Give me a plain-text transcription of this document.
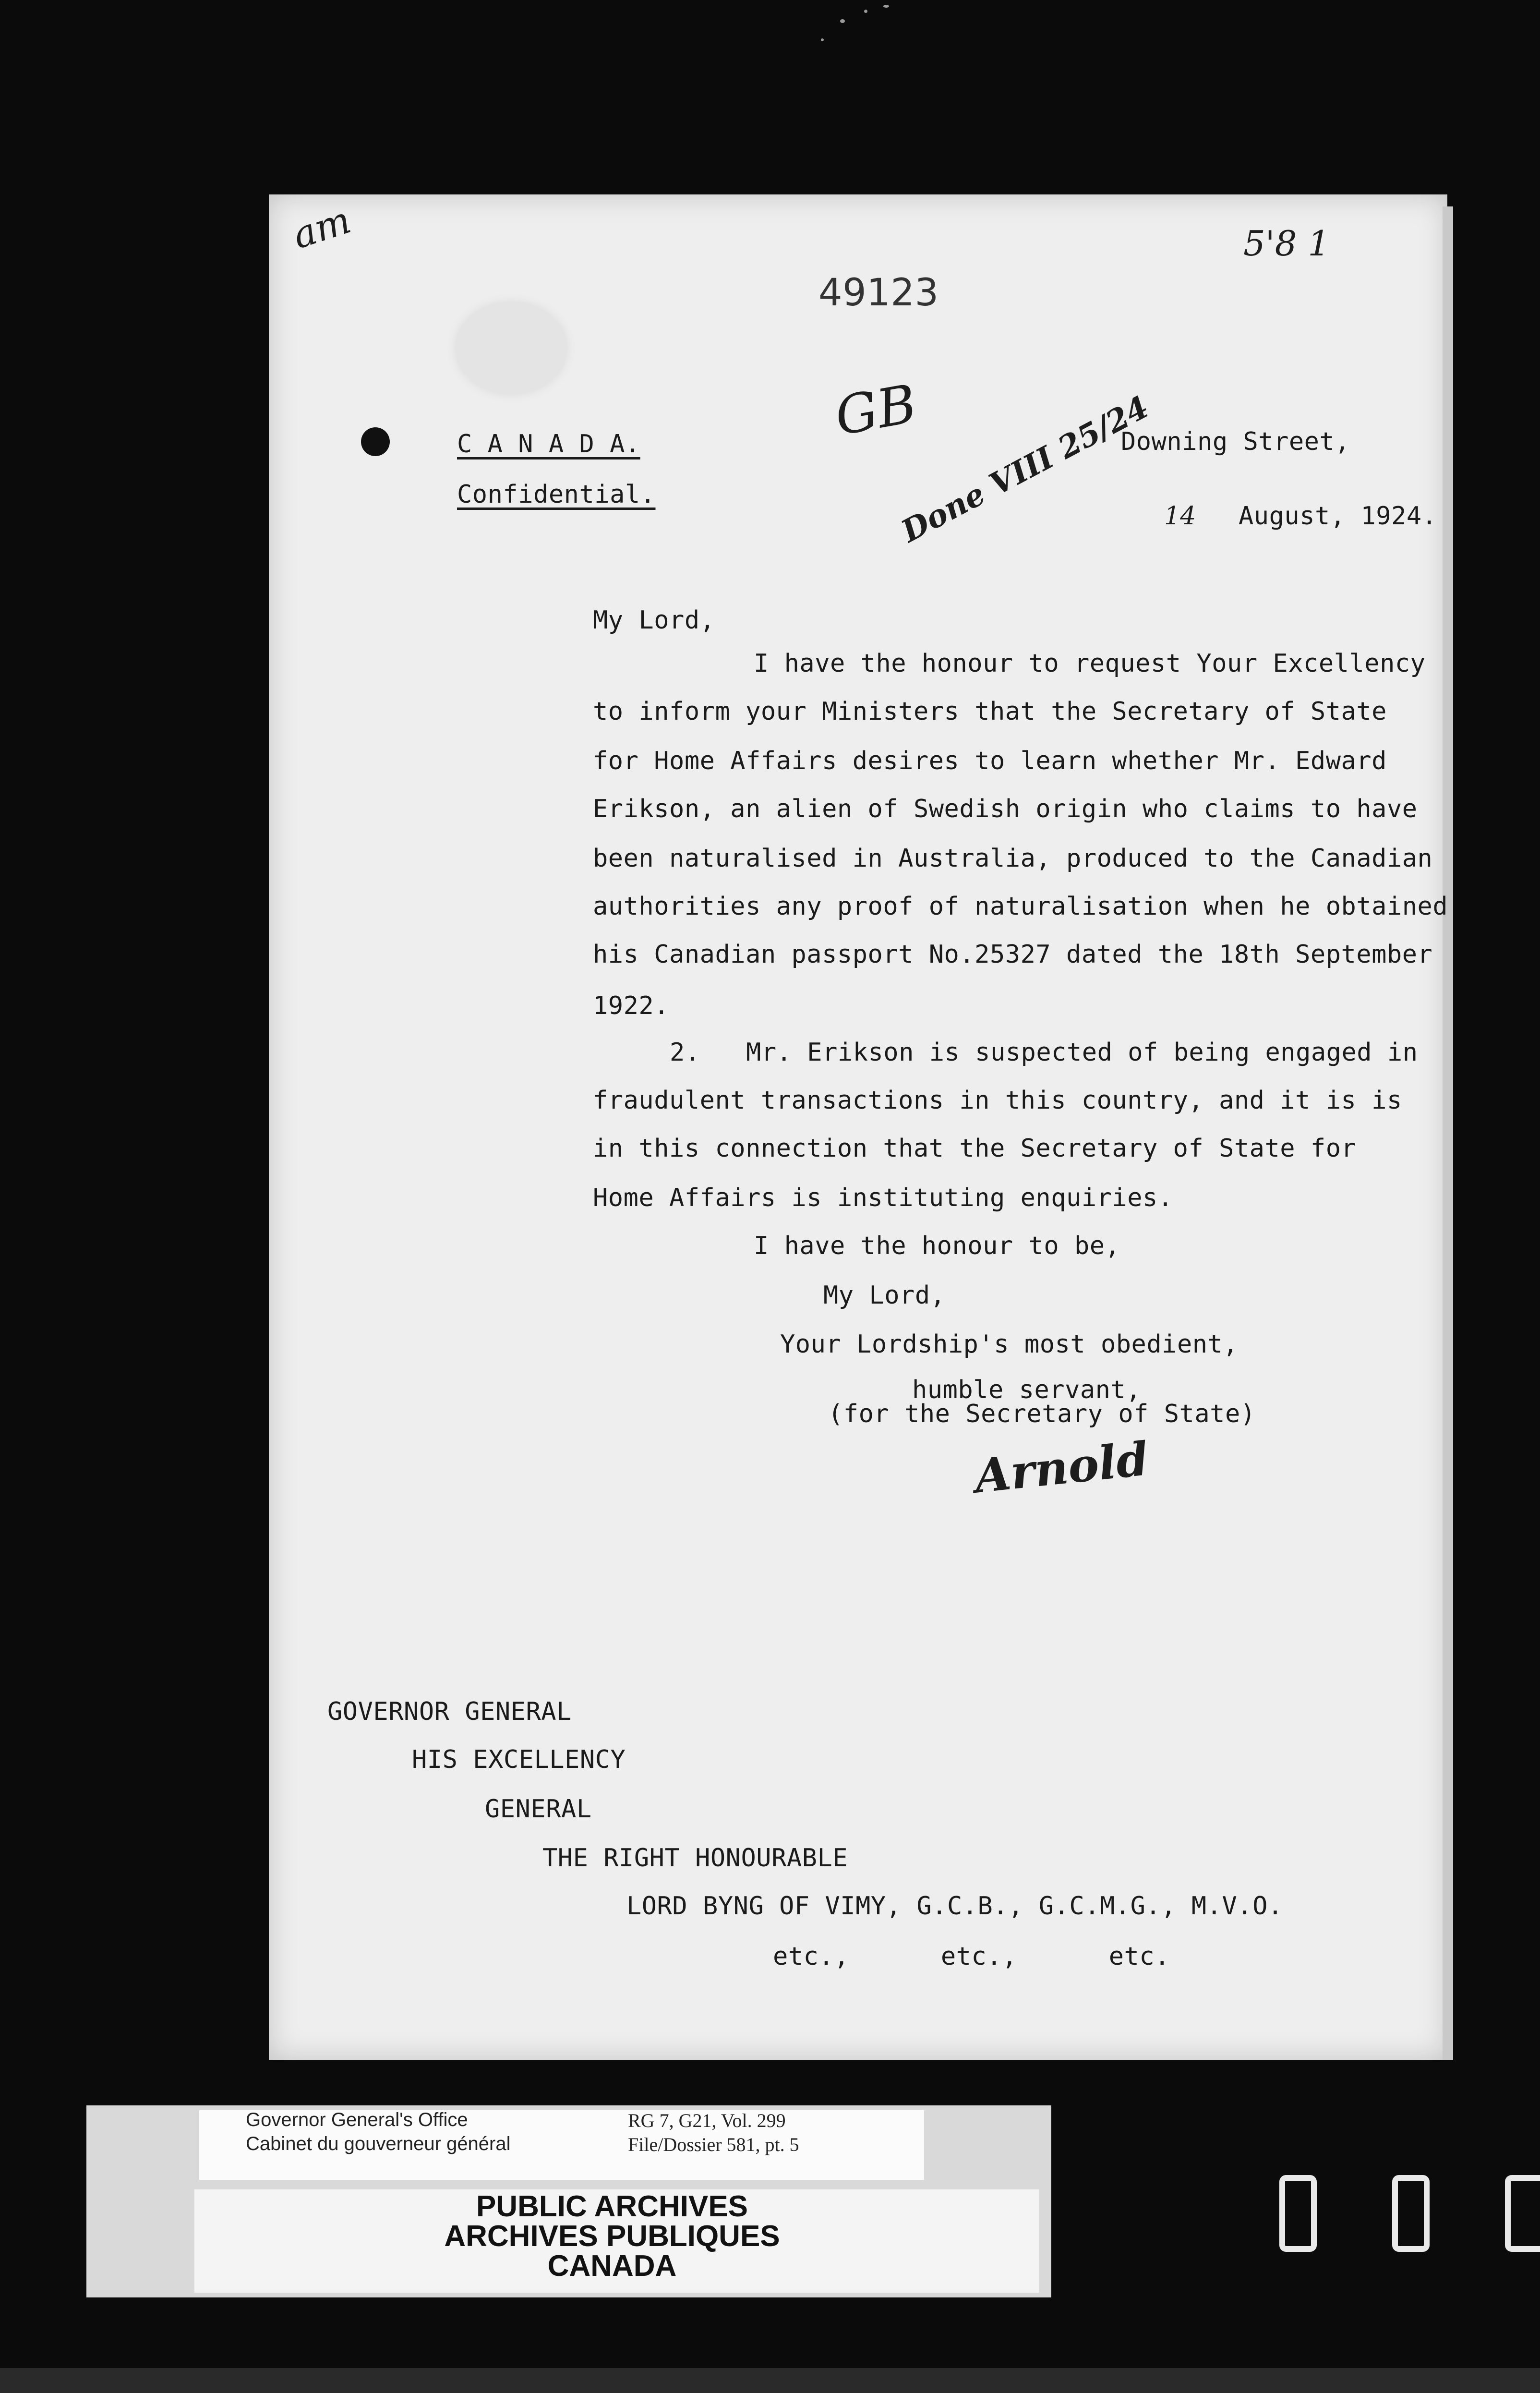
am
49123
5'8 1
GB
Done VIII 25/24
C A N A D A.
Confidential.
Downing Street,
14 August, 1924.
My Lord,
I have the honour to request Your Excellency
to inform your Ministers that the Secretary of State
for Home Affairs desires to learn whether Mr. Edward
Erikson, an alien of Swedish origin who claims to have
been naturalised in Australia, produced to the Canadian
authorities any proof of naturalisation when he obtained
his Canadian passport No.25327 dated the 18th September
1922.
2.   Mr. Erikson is suspected of being engaged in
fraudulent transactions in this country, and it is is
in this connection that the Secretary of State for
Home Affairs is instituting enquiries.
I have the honour to be,
My Lord,
Your Lordship's most obedient,
humble servant,
(for the Secretary of State)
Arnold
GOVERNOR GENERAL
HIS EXCELLENCY
GENERAL
THE RIGHT HONOURABLE
LORD BYNG OF VIMY, G.C.B., G.C.M.G., M.V.O.
etc.,      etc.,      etc.
Governor General's Office
Cabinet du gouverneur général
RG 7, G21, Vol. 299
File/Dossier 581, pt. 5
PUBLIC ARCHIVES
ARCHIVES PUBLIQUES
CANADA
